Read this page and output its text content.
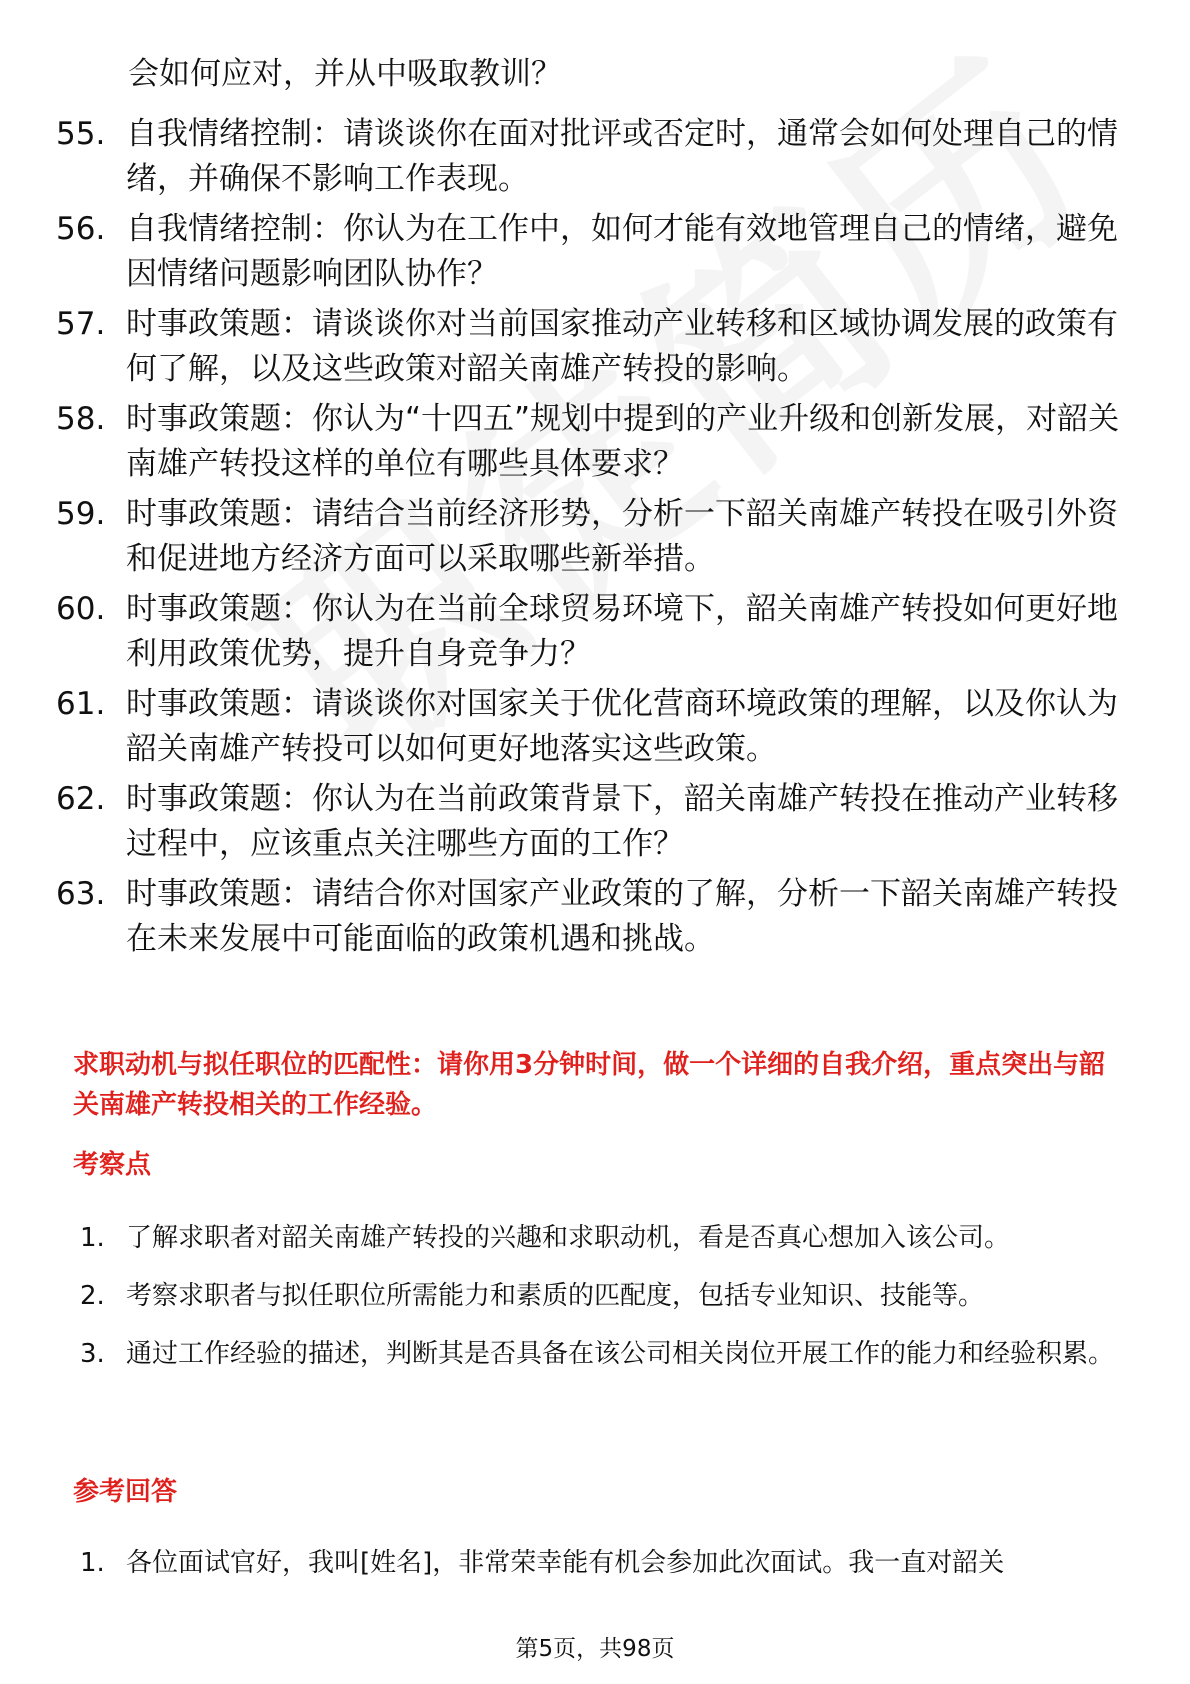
会如何应对，并从中吸取教训？
55. 自我情绪控制：请谈谈你在面对批评或否定时，通常会如何处理自己的情绪，并确保不影响工作表现。
56. 自我情绪控制：你认为在工作中，如何才能有效地管理自己的情绪，避免因情绪问题影响团队协作？
57. 时事政策题：请谈谈你对当前国家推动产业转移和区域协调发展的政策有何了解，以及这些政策对韶关南雄产转投的影响。
58. 时事政策题：你认为“十四五”规划中提到的产业升级和创新发展，对韶关南雄产转投这样的单位有哪些具体要求？
59. 时事政策题：请结合当前经济形势，分析一下韶关南雄产转投在吸引外资和促进地方经济方面可以采取哪些新举措。
60. 时事政策题：你认为在当前全球贸易环境下，韶关南雄产转投如何更好地利用政策优势，提升自身竞争力？
61. 时事政策题：请谈谈你对国家关于优化营商环境政策的理解，以及你认为韶关南雄产转投可以如何更好地落实这些政策。
62. 时事政策题：你认为在当前政策背景下，韶关南雄产转投在推动产业转移过程中，应该重点关注哪些方面的工作？
63. 时事政策题：请结合你对国家产业政策的了解，分析一下韶关南雄产转投在未来发展中可能面临的政策机遇和挑战。
求职动机与拟任职位的匹配性：请你用3分钟时间，做一个详细的自我介绍，重点突出与韶关南雄产转投相关的工作经验。
考察点
1. 了解求职者对韶关南雄产转投的兴趣和求职动机，看是否真心想加入该公司。
2. 考察求职者与拟任职位所需能力和素质的匹配度，包括专业知识、技能等。
3. 通过工作经验的描述，判断其是否具备在该公司相关岗位开展工作的能力和经验积累。
参考回答
1. 各位面试官好，我叫[姓名]，非常荣幸能有机会参加此次面试。我一直对韶关
第5页，共98页
